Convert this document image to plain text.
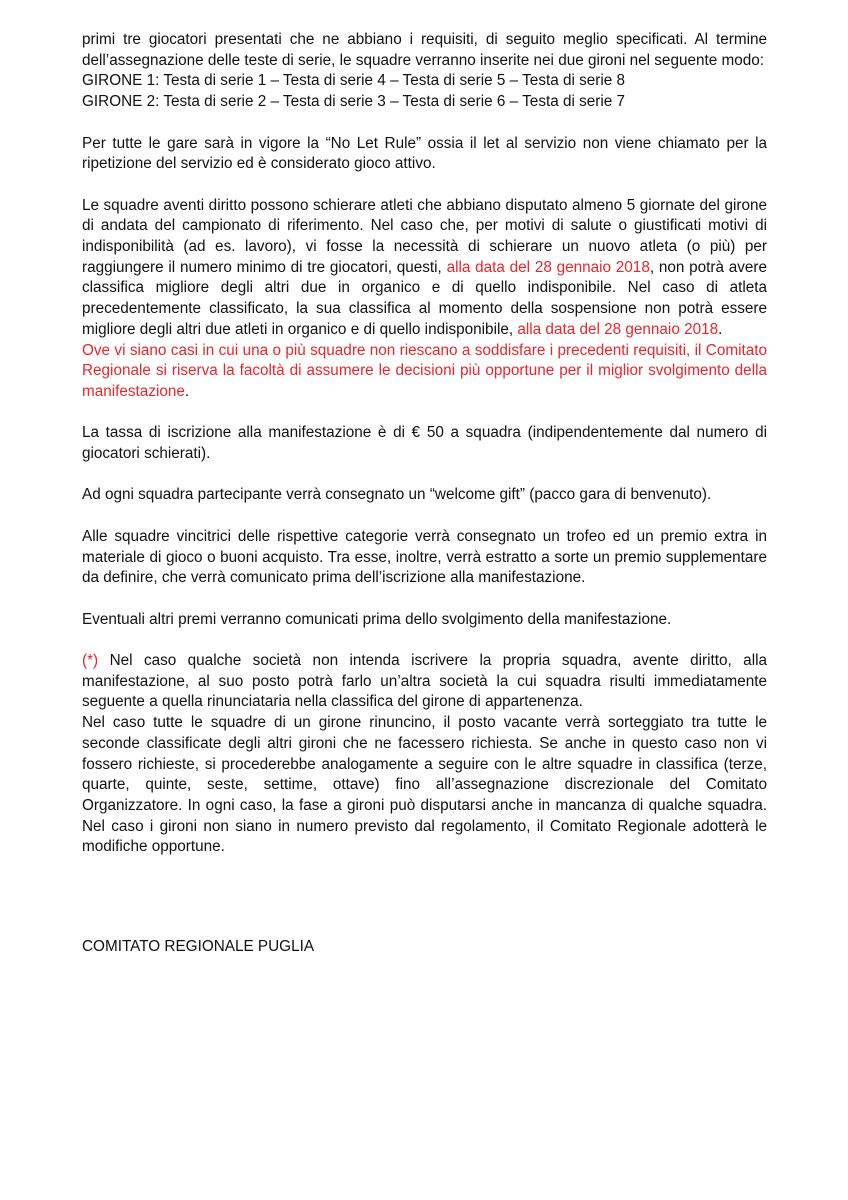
primi tre giocatori presentati che ne abbiano i requisiti, di seguito meglio specificati. Al termine dell’assegnazione delle teste di serie, le squadre verranno inserite nei due gironi nel seguente modo:
GIRONE 1: Testa di serie 1 – Testa di serie 4 – Testa di serie 5 – Testa di serie 8
GIRONE 2: Testa di serie 2 – Testa di serie 3 – Testa di serie 6 – Testa di serie 7

Per tutte le gare sarà in vigore la “No Let Rule” ossia il let al servizio non viene chiamato per la ripetizione del servizio ed è considerato gioco attivo.

Le squadre aventi diritto possono schierare atleti che abbiano disputato almeno 5 giornate del girone di andata del campionato di riferimento. Nel caso che, per motivi di salute o giustificati motivi di indisponibilità (ad es. lavoro), vi fosse la necessità di schierare un nuovo atleta (o più) per raggiungere il numero minimo di tre giocatori, questi, alla data del 28 gennaio 2018, non potrà avere classifica migliore degli altri due in organico e di quello indisponibile. Nel caso di atleta precedentemente classificato, la sua classifica al momento della sospensione non potrà essere migliore degli altri due atleti in organico e di quello indisponibile, alla data del 28 gennaio 2018.
Ove vi siano casi in cui una o più squadre non riescano a soddisfare i precedenti requisiti, il Comitato Regionale si riserva la facoltà di assumere le decisioni più opportune per il miglior svolgimento della manifestazione.

La tassa di iscrizione alla manifestazione è di € 50 a squadra (indipendentemente dal numero di giocatori schierati).

Ad ogni squadra partecipante verrà consegnato un “welcome gift” (pacco gara di benvenuto).

Alle squadre vincitrici delle rispettive categorie verrà consegnato un trofeo ed un premio extra in materiale di gioco o buoni acquisto. Tra esse, inoltre, verrà estratto a sorte un premio supplementare da definire, che verrà comunicato prima dell’iscrizione alla manifestazione.

Eventuali altri premi verranno comunicati prima dello svolgimento della manifestazione.

(*) Nel caso qualche società non intenda iscrivere la propria squadra, avente diritto, alla manifestazione, al suo posto potrà farlo un’altra società la cui squadra risulti immediatamente seguente a quella rinunciataria nella classifica del girone di appartenenza.
Nel caso tutte le squadre di un girone rinuncino, il posto vacante verrà sorteggiato tra tutte le seconde classificate degli altri gironi che ne facessero richiesta. Se anche in questo caso non vi fossero richieste, si procederebbe analogamente a seguire con le altre squadre in classifica (terze, quarte, quinte, seste, settime, ottave) fino all’assegnazione discrezionale del Comitato Organizzatore. In ogni caso, la fase a gironi può disputarsi anche in mancanza di qualche squadra. Nel caso i gironi non siano in numero previsto dal regolamento, il Comitato Regionale adotterà le modifiche opportune.

COMITATO REGIONALE PUGLIA
